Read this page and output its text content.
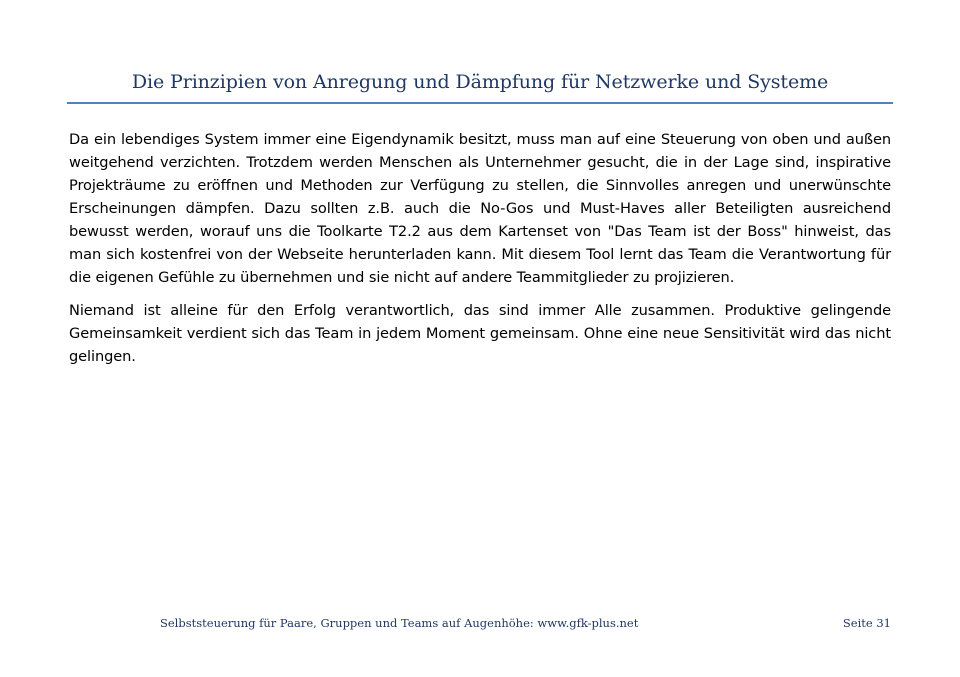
Die Prinzipien von Anregung und Dämpfung für Netzwerke und Systeme

Da ein lebendiges System immer eine Eigendynamik besitzt, muss man auf eine Steuerung von oben und außen weitgehend verzichten. Trotzdem werden Menschen als Unternehmer gesucht, die in der Lage sind, inspirative Projekträume zu eröffnen und Methoden zur Verfügung zu stellen, die Sinnvolles anregen und unerwünschte Erscheinungen dämpfen. Dazu sollten z.B. auch die No-Gos und Must-Haves aller Beteiligten ausreichend bewusst werden, worauf uns die Toolkarte T2.2 aus dem Kartenset von "Das Team ist der Boss" hinweist, das man sich kostenfrei von der Webseite herunterladen kann. Mit diesem Tool lernt das Team die Verantwortung für die eigenen Gefühle zu übernehmen und sie nicht auf andere Teammitglieder zu projizieren.

Niemand ist alleine für den Erfolg verantwortlich, das sind immer Alle zusammen. Produktive gelingende Gemeinsamkeit verdient sich das Team in jedem Moment gemeinsam. Ohne eine neue Sensitivität wird das nicht gelingen.

Selbststeuerung für Paare, Gruppen und Teams auf Augenhöhe: www.gfk-plus.net	Seite 31
